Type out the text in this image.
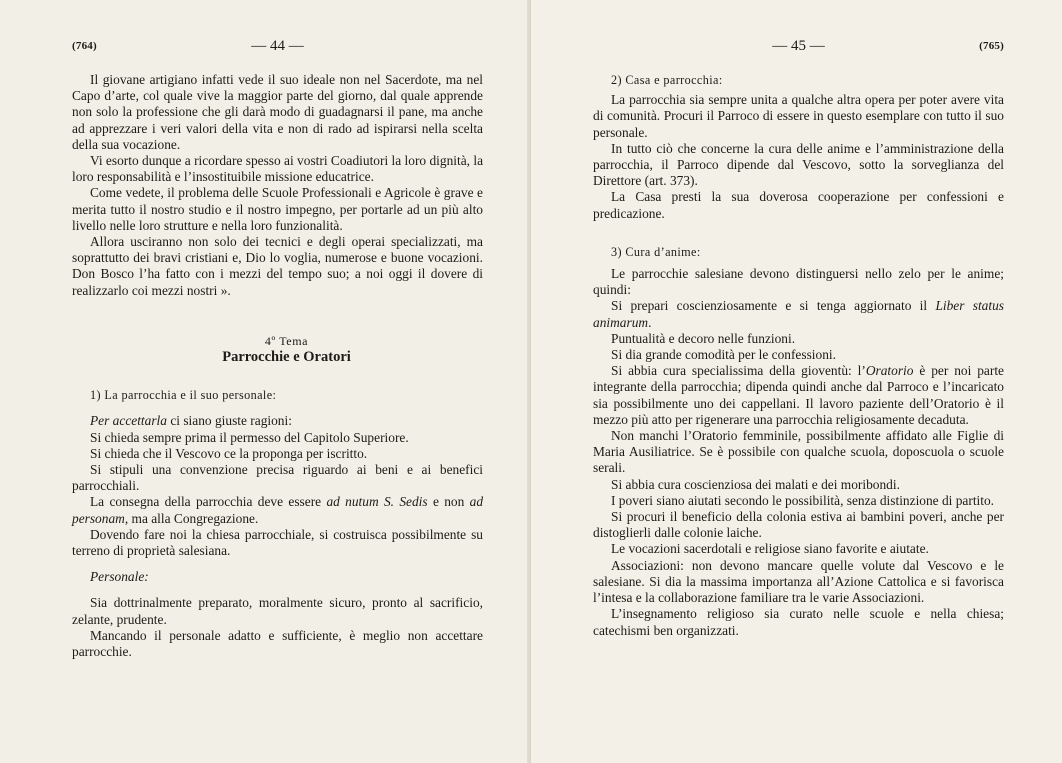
(764)	— 44 —

Il giovane artigiano infatti vede il suo ideale non nel Sacerdote, ma nel Capo d’arte, col quale vive la maggior parte del giorno, dal quale apprende non solo la professione che gli darà modo di guadagnarsi il pane, ma anche ad apprezzare i veri valori della vita e non di rado ad ispirarsi nella scelta della sua vocazione.

Vi esorto dunque a ricordare spesso ai vostri Coadiutori la loro dignità, la loro responsabilità e l’insostituibile missione educatrice.

Come vedete, il problema delle Scuole Professionali e Agricole è grave e merita tutto il nostro studio e il nostro impegno, per portarle ad un più alto livello nelle loro strutture e nella loro funzionalità.

Allora usciranno non solo dei tecnici e degli operai specializzati, ma soprattutto dei bravi cristiani e, Dio lo voglia, numerose e buone vocazioni. Don Bosco l’ha fatto con i mezzi del tempo suo; a noi oggi il dovere di realizzarlo coi mezzi nostri ».

4º Tema

Parrocchie e Oratori

1) La parrocchia e il suo personale:

Per accettarla ci siano giuste ragioni:

Si chieda sempre prima il permesso del Capitolo Superiore.

Si chieda che il Vescovo ce la proponga per iscritto.

Si stipuli una convenzione precisa riguardo ai beni e ai benefici parrocchiali.

La consegna della parrocchia deve essere ad nutum S. Sedis e non ad personam, ma alla Congregazione.

Dovendo fare noi la chiesa parrocchiale, si costruisca possibilmente su terreno di proprietà salesiana.

Personale:

Sia dottrinalmente preparato, moralmente sicuro, pronto al sacrificio, zelante, prudente.

Mancando il personale adatto e sufficiente, è meglio non accettare parrocchie.

— 45 —	(765)

2) Casa e parrocchia:

La parrocchia sia sempre unita a qualche altra opera per poter avere vita di comunità. Procuri il Parroco di essere in questo esemplare con tutto il suo personale.

In tutto ciò che concerne la cura delle anime e l’amministrazione della parrocchia, il Parroco dipende dal Vescovo, sotto la sorveglianza del Direttore (art. 373).

La Casa presti la sua doverosa cooperazione per confessioni e predicazione.

3) Cura d’anime:

Le parrocchie salesiane devono distinguersi nello zelo per le anime; quindi:

Si prepari coscienziosamente e si tenga aggiornato il Liber status animarum.

Puntualità e decoro nelle funzioni.

Si dia grande comodità per le confessioni.

Si abbia cura specialissima della gioventù: l’Oratorio è per noi parte integrante della parrocchia; dipenda quindi anche dal Parroco e l’incaricato sia possibilmente uno dei cappellani. Il lavoro paziente dell’Oratorio è il mezzo più atto per rigenerare una parrocchia religiosamente decaduta.

Non manchi l’Oratorio femminile, possibilmente affidato alle Figlie di Maria Ausiliatrice. Se è possibile con qualche scuola, doposcuola o scuole serali.

Si abbia cura coscienziosa dei malati e dei moribondi.

I poveri siano aiutati secondo le possibilità, senza distinzione di partito.

Si procuri il beneficio della colonia estiva ai bambini poveri, anche per distoglierli dalle colonie laiche.

Le vocazioni sacerdotali e religiose siano favorite e aiutate.

Associazioni: non devono mancare quelle volute dal Vescovo e le salesiane. Si dia la massima importanza all’Azione Cattolica e si favorisca l’intesa e la collaborazione familiare tra le varie Associazioni.

L’insegnamento religioso sia curato nelle scuole e nella chiesa; catechismi ben organizzati.
